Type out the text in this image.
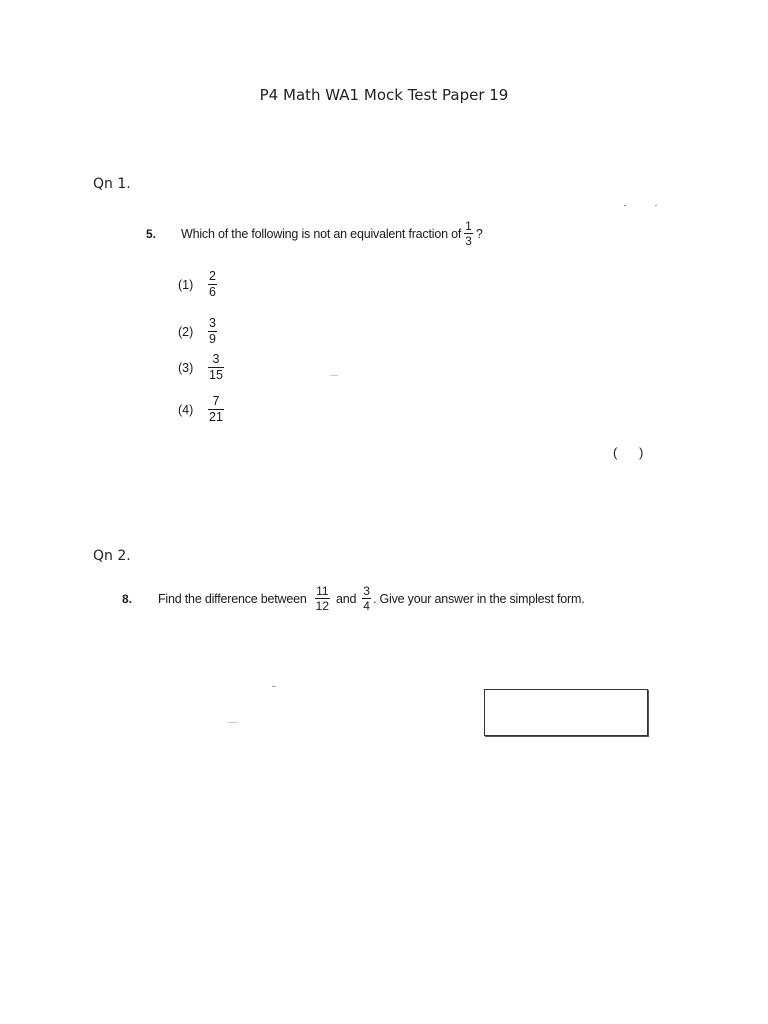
P4 Math WA1 Mock Test Paper 19
Qn 1.
5.	Which of the following is not an equivalent fraction of $\frac{1}{3}$ ?
(1)	$\frac{2}{6}$
(2)	$\frac{3}{9}$
(3)	$\frac{3}{15}$
(4)	$\frac{7}{21}$
(      )
Qn 2.
8.	Find the difference between $\frac{11}{12}$ and $\frac{3}{4}$ . Give your answer in the simplest form.
